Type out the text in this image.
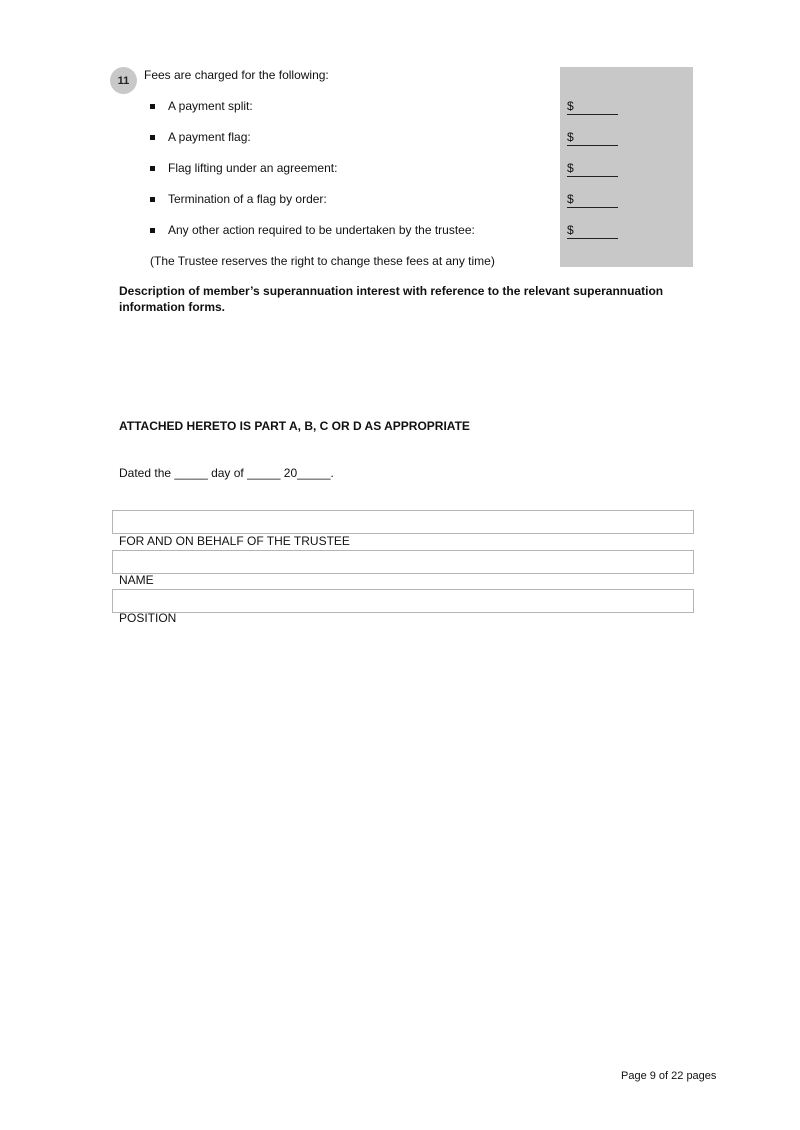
11 Fees are charged for the following:
A payment split:	$
A payment flag:	$
Flag lifting under an agreement:	$
Termination of a flag by order:	$
Any other action required to be undertaken by the trustee:	$
(The Trustee reserves the right to change these fees at any time)
Description of member’s superannuation interest with reference to the relevant superannuation information forms.
ATTACHED HERETO IS PART A, B, C OR D AS APPROPRIATE
Dated the _____ day of _____ 20_____.
FOR AND ON BEHALF OF THE TRUSTEE
NAME
POSITION
Page 9 of 22 pages
